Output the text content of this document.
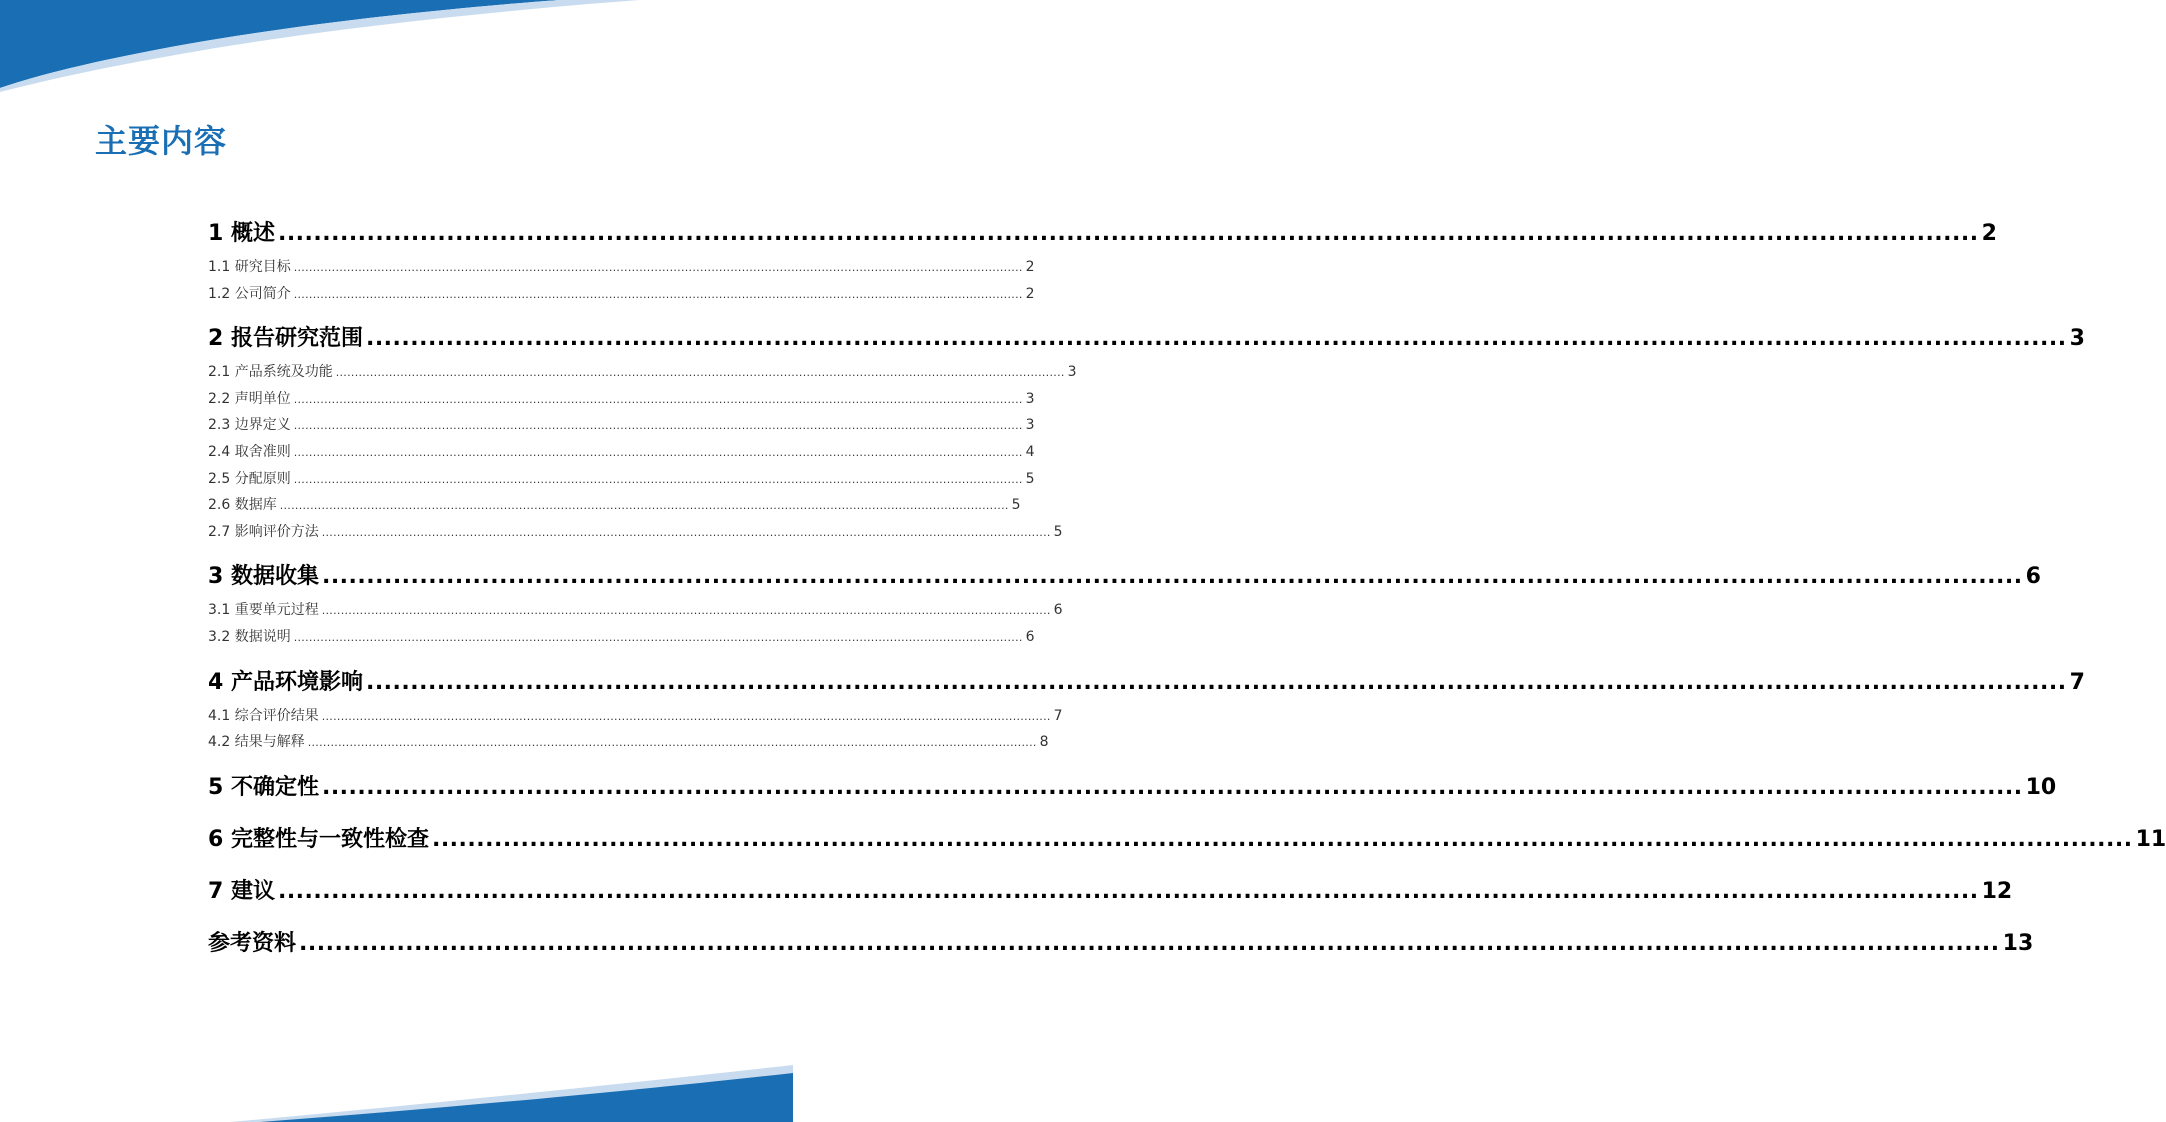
主要内容
1 概述 ................................................................................................................................................................................................ 2
1.1 研究目标 ................................................................................................................................................................................................ 2
1.2 公司简介 ................................................................................................................................................................................................ 2
2 报告研究范围 ................................................................................................................................................................................................ 3
2.1 产品系统及功能 ................................................................................................................................................................................................ 3
2.2 声明单位 ................................................................................................................................................................................................ 3
2.3 边界定义 ................................................................................................................................................................................................ 3
2.4 取舍准则 ................................................................................................................................................................................................ 4
2.5 分配原则 ................................................................................................................................................................................................ 5
2.6 数据库 ................................................................................................................................................................................................ 5
2.7 影响评价方法 ................................................................................................................................................................................................ 5
3 数据收集 ................................................................................................................................................................................................ 6
3.1 重要单元过程 ................................................................................................................................................................................................ 6
3.2 数据说明 ................................................................................................................................................................................................ 6
4 产品环境影响 ................................................................................................................................................................................................ 7
4.1 综合评价结果 ................................................................................................................................................................................................ 7
4.2 结果与解释 ................................................................................................................................................................................................ 8
5 不确定性 ................................................................................................................................................................................................ 10
6 完整性与一致性检查 ................................................................................................................................................................................................ 11
7 建议 ................................................................................................................................................................................................ 12
参考资料 ................................................................................................................................................................................................ 13
